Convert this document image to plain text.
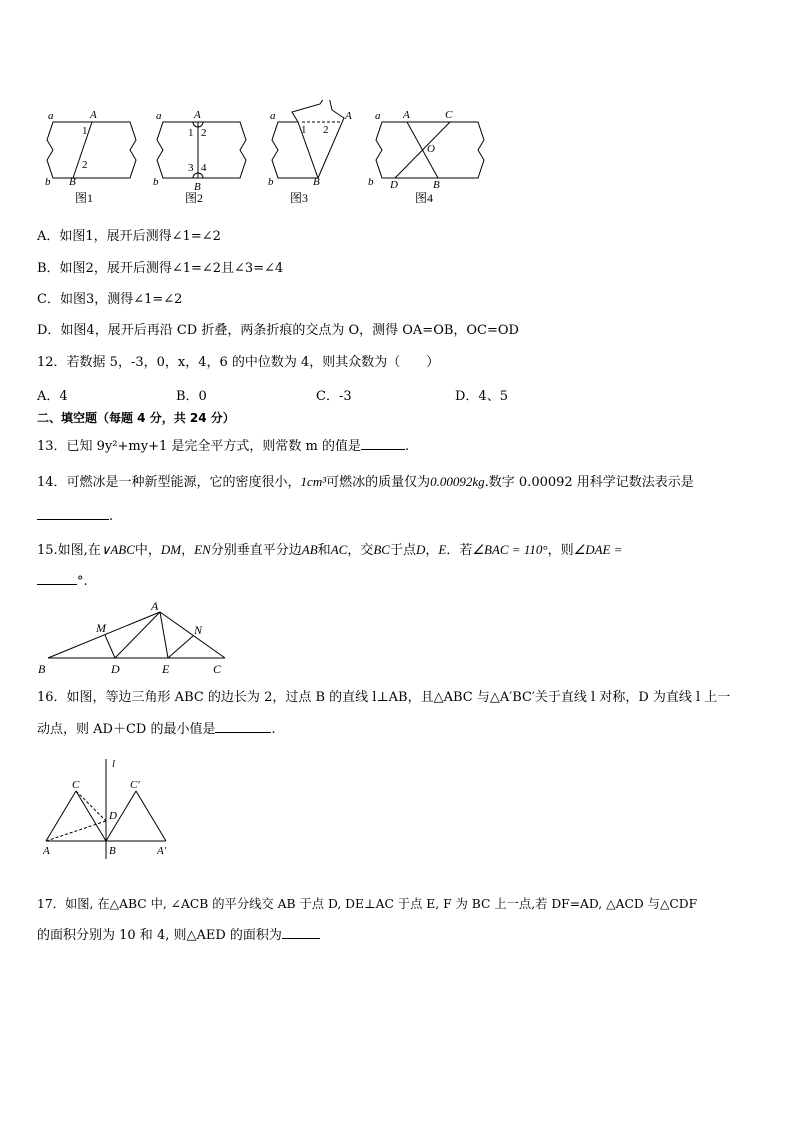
a	A
1
2
b B
图1
a	A
1 2
3 4
b	B
图2
a	A
1 2
b	B
图3
a A	C
O
b D	B
图4
A．如图1，展开后测得∠1=∠2
B．如图2，展开后测得∠1=∠2且∠3=∠4
C．如图3，测得∠1=∠2
D．如图4，展开后再沿 CD 折叠，两条折痕的交点为 O，测得 OA=OB，OC=OD
12．若数据 5，-3，0，x，4，6 的中位数为 4，则其众数为（　　）
A．4	B．0	C．-3	D．4、5
二、填空题（每题 4 分，共 24 分）
13．已知 9y²+my+1 是完全平方式，则常数 m 的值是	.
14．可燃冰是一种新型能源，它的密度很小，1cm³可燃冰的质量仅为0.00092kg.数字 0.00092 用科学记数法表示是
.
15.如图,在∨ABC中，DM，EN分别垂直平分边AB和AC，交BC于点D，E．若∠BAC = 110°，则∠DAE =
°.
A
M	N
B	D	E	C
16．如图，等边三角形 ABC 的边长为 2，过点 B 的直线 l⊥AB，且△ABC 与△A′BC′关于直线 l 对称，D 为直线 l 上一
动点，则 AD＋CD 的最小值是	.
l
C	C′
D
A	B	A′
17．如图, 在△ABC 中, ∠ACB 的平分线交 AB 于点 D, DE⊥AC 于点 E, F 为 BC 上一点,若 DF=AD, △ACD 与△CDF
的面积分别为 10 和 4, 则△AED 的面积为
